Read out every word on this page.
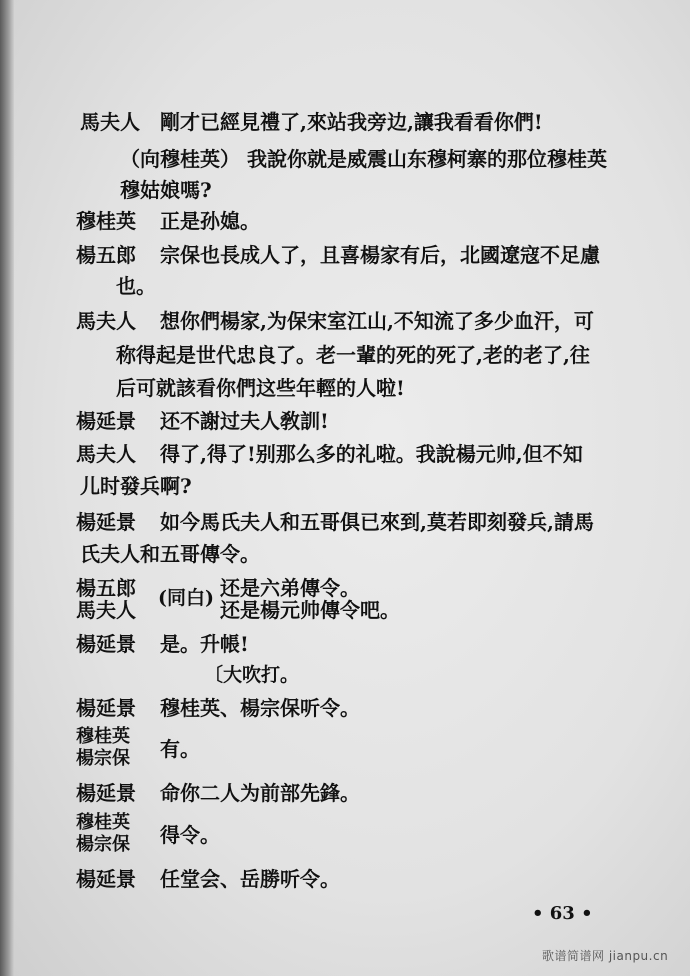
馬夫人 剛才已經見禮了,來站我旁边,讓我看看你們!
（向穆桂英） 我說你就是威震山东穆柯寨的那位穆桂英
穆姑娘嗎?
穆桂英 正是孙媳。
楊五郎 宗保也長成人了，且喜楊家有后，北國遼寇不足慮
也。
馬夫人 想你們楊家,为保宋室江山,不知流了多少血汗，可
称得起是世代忠良了。老一輩的死的死了,老的老了,往
后可就該看你們这些年輕的人啦!
楊延景 还不謝过夫人敎訓!
馬夫人 得了,得了!别那么多的礼啦。我說楊元帅,但不知
儿时發兵啊?
楊延景 如今馬氏夫人和五哥俱已來到,莫若即刻發兵,請馬
氏夫人和五哥傳令。
楊五郎
馬夫人 (同白) 还是六弟傳令。
还是楊元帅傳令吧。
楊延景 是。升帳!
〔大吹打。
楊延景 穆桂英、楊宗保听令。
穆桂英
楊宗保 有。
楊延景 命你二人为前部先鋒。
穆桂英
楊宗保 得令。
楊延景 任堂会、岳勝听令。
• 63 •
歌谱简谱网 jianpu.cn
